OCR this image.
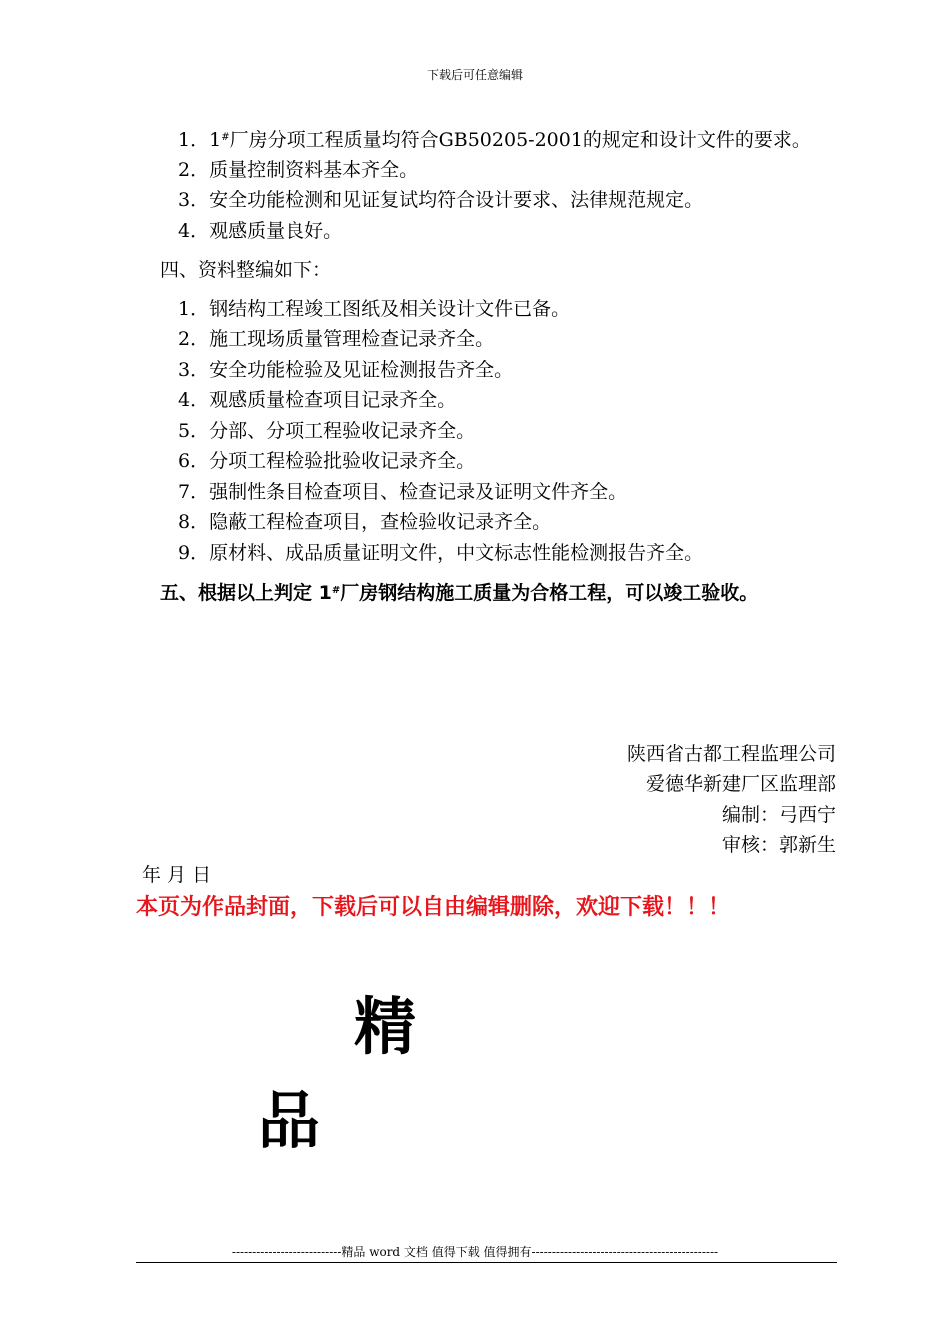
下载后可任意编辑
1．1#厂房分项工程质量均符合GB50205-2001的规定和设计文件的要求。
2．质量控制资料基本齐全。
3．安全功能检测和见证复试均符合设计要求、法律规范规定。
4．观感质量良好。
四、资料整编如下：
1．钢结构工程竣工图纸及相关设计文件已备。
2．施工现场质量管理检查记录齐全。
3．安全功能检验及见证检测报告齐全。
4．观感质量检查项目记录齐全。
5．分部、分项工程验收记录齐全。
6．分项工程检验批验收记录齐全。
7．强制性条目检查项目、检查记录及证明文件齐全。
8．隐蔽工程检查项目，查检验收记录齐全。
9．原材料、成品质量证明文件，中文标志性能检测报告齐全。
五、根据以上判定 1#厂房钢结构施工质量为合格工程，可以竣工验收。
陕西省古都工程监理公司
爱德华新建厂区监理部
编制：弓西宁
审核：郭新生
年 月 日
本页为作品封面，下载后可以自由编辑删除，欢迎下载！！！
精
品
---------------------------精品 word 文档 值得下载 值得拥有----------------------------------------------
